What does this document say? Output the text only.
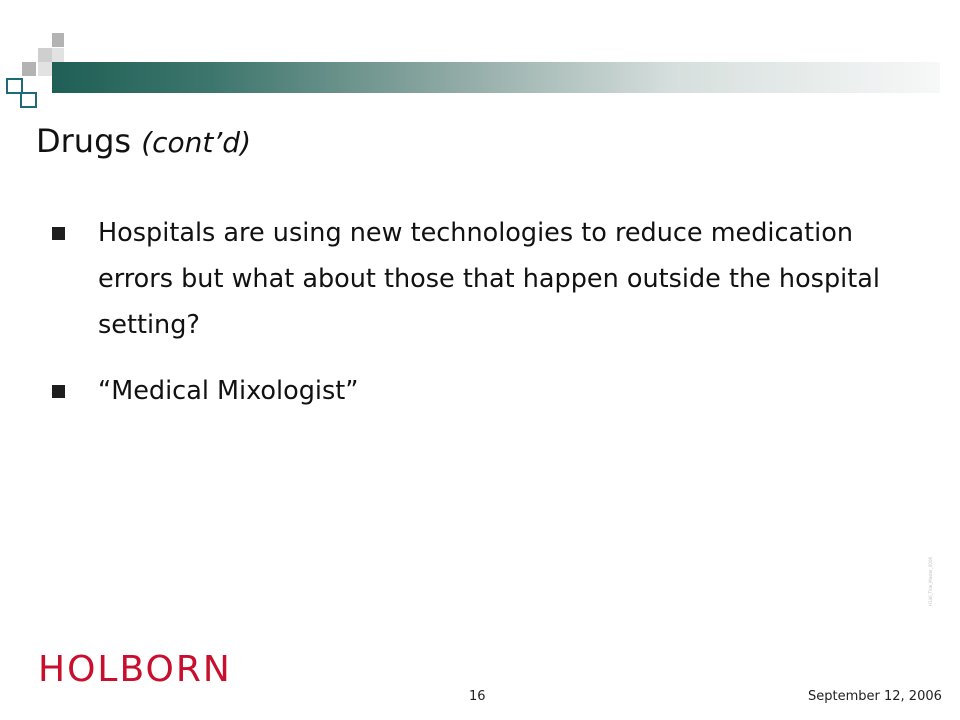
Drugs (cont’d)
Hospitals are using new technologies to reduce medication errors but what about those that happen outside the hospital setting?
“Medical Mixologist”
HOLBORN
16	September 12, 2006
H146_Title_Master_0006
